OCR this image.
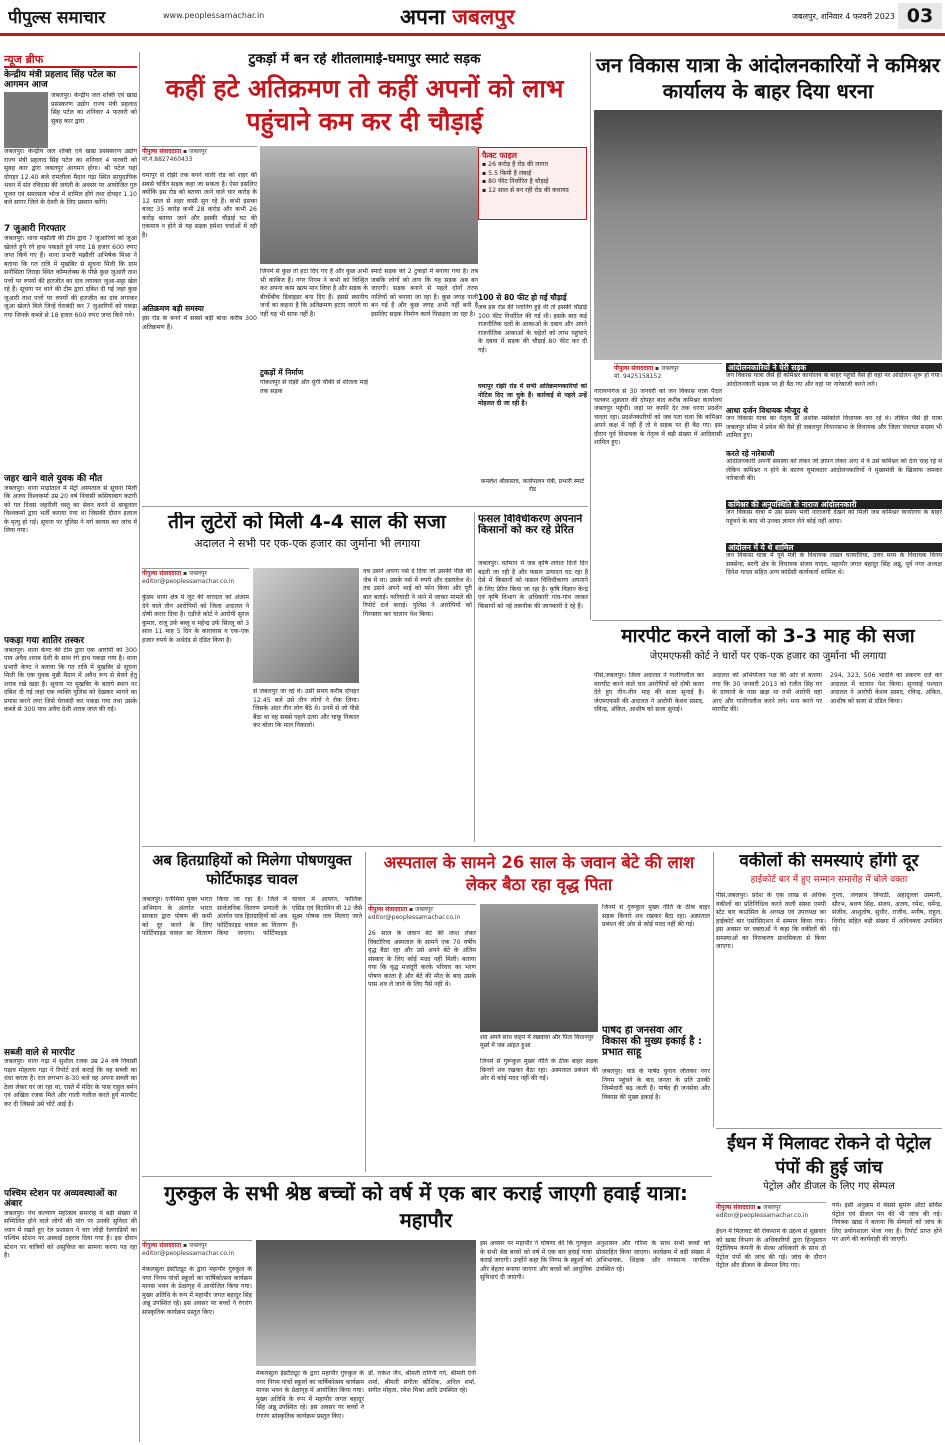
पीपुल्स समाचार	www.peoplessamachar.in	अपना जबलपुर	जबलपुर, शनिवार 4 फरवरी 2023 03
न्यूज ब्रीफ
केन्द्रीय मंत्री प्रहलाद सिंह पटेल का आगमन आज
जबलपुर। केन्द्रीय जल शक्ति एवं खाद्य प्रसंस्करण उद्योग राज्य मंत्री प्रहलाद सिंह पटेल का शनिवार 4 फरवरी को सुबह कार द्वारा
जबलपुर। केन्द्रीय जल शक्ति एवं खाद्य प्रसंस्करण उद्योग राज्य मंत्री प्रहलाद सिंह पटेल का शनिवार 4 फरवरी को सुबह कार द्वारा जबलपुर आगमन होगा। श्री पटेल यहां दोपहर 12.40 बजे रामलीला मैदान गढ़ा स्थित सामुदायिक भवन में संत रविदास की जयंती के अवसर पर आयोजित गुरु पूजन एवं समरसता भोज में शामिल होंगे तथा दोपहर 1.10 बजे सागर जिले के देवरी के लिए प्रस्थान करेंगे।
7 जुआरी गिरफ्तार
जबलपुर। थाना मझौली की टीम द्वारा 7 जुआरियों को जुआ खेलते हुये रंगे हाथ पकड़ते हुये नगद 18 हजार 600 रुपए जप्त किये गए हैं। थाना प्रभारी मझौली अभिषेक मिश्रा ने बताया कि गत रात्रि में मुखबिर से सूचना मिली कि ग्राम सनौसिता तिराहा स्थित कॉम्पलेक्स के पीछे कुछ जुआरी ताश पत्तों पर रुपयों की हारजीत का दाव लगाकर जुआ-सट्टा खेल रहे हैं। सूचना पर थाने की टीम द्वारा दबिश दी गई जहां कुछ जुआरी ताश पत्तों पर रुपयों की हारजीत का दांव लगाकर जुआ खेलते मिले जिन्हें घेराबंदी कर 7 जुआरियों को पकड़ा गया जिनके कब्जे से 18 हजार 600 रुपए जप्त किये गये।
जहर खाने वाले युवक की मौत
जबलपुर। थाना माढ़ोताल में मेट्रो अस्पताल से सूचना मिली कि अजय विश्वकर्मा उम्र 20 वर्ष निवासी कसियाबाग कटंगी को गत दिवस जहरीली वस्तु का सेवन करने से बाबूलाल विश्वकर्मा द्वारा भर्ती कराया गया था जिसकी दौरान इलाज के मृत्यु हो गई। सूचना पर पुलिस ने मर्ग कायम कर जांच में लिया गया।
पकड़ा गया शातिर तस्कर
जबलपुर। थाना केण्ट की टीम द्वारा एक आरोपी को 300 पाव अवैध शराब देशी के साथ रंगे हाथ पकड़ा गया है। थाना प्रभारी केण्ट ने बताया कि गत रात्रि में मुखबिर से सूचना मिली कि एक युवक मुन्नी मैदान में अवैध रूप से बेचने हेतु शराब रखे खड़ा है। सूचना पर मुखबिर के बताये स्थान पर दबिश दी गई जहां एक व्यक्ति पुलिस को देखकर भागने का प्रयास करने लगा जिसे घेराबंदी कर पकड़ा गया तथा उसके कब्जे से 300 पाव अवैध देशी शराब जप्त की गई।
सब्जी वाले से मारपीट
जबलपुर। थाना गढ़ा में सुशील रजक उम्र 24 वर्ष निवासी पड़ाव मोहल्ला गढ़ा ने रिपोर्ट दर्ज कराई कि वह सब्जी का धंधा करता है। रात लगभग 8-30 बजे वह अपना सब्जी का ठेला लेकर घर जा रहा था, रास्ते में मंदिर के पास राहुल बर्मन एवं अखिल रजक मिले और गाली गलौज करते हुये मारपीट कर दी जिससे उसे चोटें आई हैं।
पश्चिम स्टेशन पर अव्यवस्थाओं का अंबार
जबलपुर। पंच कल्याण महोत्सव समारोह में बड़ी संख्या में सम्मिलित होने वाले लोगों की मांग पर उनकी सुविधा की ध्यान में रखते हुए रेल प्रशासन ने चार जोड़ी रेलगाड़ियों का पश्चिम स्टेशन पर अस्थाई ठहराव दिया गया है। इस दौरान स्टेशन पर यात्रियों को असुविधा का सामना करना पड़ रहा है।
टुकड़ों में बन रहे शीतलामाई-घमापुर स्मार्ट सड़क
कहीं हटे अतिक्रमण तो कहीं अपनों को लाभ पहुंचाने कम कर दी चौड़ाई
पीपुल्स संवाददाता ▪ जबलपुर
मो.नं.8827460433
घमापुर से रांझी तक बनने वाली रोड को शहर की सबसे चर्चित सड़क कहा जा सकता है। ऐसा इसलिए क्योंकि इस रोड को बताया जाने वाले चार करोड़ के 12 साल से शहर वासी सुन रहे हैं। कभी इसका बजट 35 करोड़ कभी 28 करोड़ और कभी 26 करोड़ बताया जाने और इसकी चौड़ाई घट की एकमात्र न होने से यह सड़क हमेशा चर्चाओं में रही है।
अतिक्रमण बड़ी समस्या
इस रोड के बनने में सबसे बड़ी बाधा करीब 300 अतिक्रमण हैं।
जिनमें से कुछ तो हटा दिए गए हैं और कुछ अभी भी काबिज हैं। नगर निगम ने कभी को चिन्हित कर अपना काम खत्म मान लिया है और सड़क के बीचोंबीच डिवाइडर बना दिए हैं। इससे स्थानीय जनों का कहना है कि अतिक्रमण हटाए जाएंगे या नहीं यह भी साफ नहीं है।
टुकड़ों में निर्माण
गोकलपुर से रांझी और चुंगी चौकी से शीतला माई तक सड़क
स्मार्ट सड़क को 2 टुकड़ों में बनाया गया है। तब जबकि लोगों को लगा कि यह सड़क अब बन जाएगी। सड़क बनाने से पहले दोनों तरफ नालियों को बनाया जा रहा है। कुछ जगह नाली बन गई है और कुछ जगह अभी नहीं बनी है इसलिए सड़क निर्माण कार्य पिछड़ता जा रहा है।
फैक्ट फाइल
▪ 26 करोड़ है रोड की लागत
▪ 5.5 किमी है लंबाई
▪ 80 फीट निर्धारित है चौड़ाई
▪ 12 साल से बन रही रोड की कवायद
100 से 80 फीट हो गई चौड़ाई
जब इस रोड की प्लानिंग हुई थी तो इसकी चौड़ाई 100 फीट निर्धारित की गई थी। इसके बाद कई राजनीतिक दलों के आकाओं के दबाव और अपने राजनीतिक आकाओं के चहेतों को लाभ पहुंचाने के दबाव में सड़क की चौड़ाई 80 फीट कर दी गई।
घमापुर रांझी रोड में सभी अतिक्रमणकारियों को नोटिस दिए जा चुके हैं। कार्रवाई से पहले उन्हें मोहलत दी जा रही है।
कमलेश श्रीवास्तव, कार्यपालन यंत्री, प्रभारी स्मार्ट रोड
जन विकास यात्रा के आंदोलनकारियों ने कमिश्नर कार्यालय के बाहर दिया धरना
पीपुल्स संवाददाता ▪ जबलपुर
मो. 9425158152
नारायणगंज से 30 जनवरी को जन विकास यात्रा पैदल चलकर शुक्रवार की दोपहर बाद करीब कमिश्नर कार्यालय जबलपुर पहुंची। जहां पर काफी देर तक धरना प्रदर्शन चलता रहा। प्रदर्शनकारियों को जब पता चला कि कमिश्नर अपने कक्ष में नहीं हैं तो वे सड़क पर ही बैठ गए। इस दौरान पूर्व विधायक के नेतृत्व में बड़ी संख्या में आदिवासी शामिल हुए।
आंदोलनकारियों ने घेरी सड़क
जन विकास यात्रा जैसे ही कमिश्नर कार्यालय के बाहर पहुंची वैसे ही वहां पर आंदोलन शुरू हो गया। आंदोलनकारी सड़क पर ही बैठ गए और वहां पर नारेबाजी करने लगे।
आधा दर्जन विधायक मौजूद थे
जन विकास यात्रा का नेतृत्व डॉ अशोक मर्सकोले विधायक कर रहे थे। लेकिन जैसे ही यात्रा जबलपुर सीमा में प्रवेश की वैसे ही जबलपुर विधानसभा के विधायक और जिला पंचायत सदस्य भी शामिल हुए।
करते रहे नारेबाजी
आंदोलनकारी अपनी समस्या को लेकर जो ज्ञापन लेकर आए थे वे उसे कमिश्नर को देना चाह रहे थे लेकिन कमिश्नर न होने के कारण घुमावदार आंदोलनकारियों ने मुख्यमंत्री के खिलाफ जमकर नारेबाजी की।
कमिश्नर की अनुपस्थिति से नाराज आंदोलनकारी
जन विकास यात्रा में उस समय भारी नाराजगी देखने को मिली जब कमिश्नर कार्यालय के बाहर पहुंचने के बाद भी उनका ज्ञापन लेने कोई नहीं आया।
आंदोलन में ये थे शामिल
जन विकास यात्रा में पूर्व मंत्री के विधायक लखन घनघोरिया, उत्तर मध्य के विधायक विनय सक्सेना, बरगी क्षेत्र के विधायक संजय यादव, महापौर जगत बहादुर सिंह अन्नू, पूर्व नगर अध्यक्ष दिनेश यादव सहित अन्य कांग्रेसी कार्यकर्ता शामिल थे।
तीन लुटेरों को मिली 4-4 साल की सजा
अदालत ने सभी पर एक-एक हजार का जुर्माना भी लगाया
पीपुल्स संवाददाता ▪ जबलपुर
editor@peoplessamachar.co.in
कुंडम थाना क्षेत्र में लूट की वारदात को अंजाम देने वाले तीन आरोपियों को जिला अदालत ने दोषी करार दिया है। एडीजे कोर्ट ने आरोपी सुरज कुमार, राजू उर्फ बब्लू व महेन्द्र उर्फ सिल्लू को 3 साल 11 माह 5 दिन के कारावास व एक-एक हजार रुपये के अर्थदंड से दंडित किया है।
से जबलपुर जा रहे थे। उसी समय करीब दोपहर 12.45 बजे उसे तीन लोगों ने रोक लिया। जिसके अंदर तीन लोग बैठे थे। उनमें से जो पीछे बैठा था वह सबसे पहले उतरा और चाकू निकाल कर बोला कि माल निकालो।
तब उसने अपना पर्स दे दिया जो उसकी पीछे की जेब में था। उसके पर्स में रुपये और दस्तावेज थे। तब उसने अपने भाई को फोन किया और पूरी बात बताई। फरियादी ने थाने में जाकर मामले की रिपोर्ट दर्ज कराई। पुलिस ने आरोपियों को गिरफ्तार कर चालान पेश किया।
फसल विविधीकरण अपनाने किसानों को कर रहे प्रेरित
जबलपुर। वर्तमान में जब कृषि लागत दिनों दिन बढ़ती जा रही है और फसल उत्पादन घट रहा है ऐसे में किसानों को फसल विविधीकरण अपनाने के लिए प्रेरित किया जा रहा है। कृषि विज्ञान केन्द्र एवं कृषि विभाग के अधिकारी गांव-गांव जाकर किसानों को नई तकनीक की जानकारी दे रहे हैं।
मारपीट करने वालों को 3-3 माह की सजा
जेएमएफसी कोर्ट ने चारों पर एक-एक हजार का जुर्माना भी लगाया
पीसं,जबलपुर। जिला अदालत ने गालीगलौज कर मारपीट करने वाले चार आरोपियों को दोषी करार देते हुए तीन-तीन माह की सजा सुनाई है। जेएमएफसी की अदालत ने आरोपी केशव प्रसाद, रविन्द्र, अंकित, आशीष को सजा सुनाई।
अदालत को अभियोजन पक्ष की ओर से बताया गया कि 30 जनवरी 2013 को रंजीत सिंह घर के दरवाजे के पास खड़ा था तभी आरोपी वहां आए और गालीगलौज करने लगे। मना करने पर मारपीट की।
294, 323, 506 भादंवि का प्रकरण दर्ज कर अदालत में चालान पेश किया। सुनवाई पश्चात अदालत ने आरोपी केशव प्रसाद, रविन्द्र, अंकित, आशीष को सजा से दंडित किया।
अब हितग्राहियों को मिलेगा पोषणयुक्त फोर्टिफाइड चावल
जबलपुर। एनीमिया मुक्त भारत अभियान के अंतर्गत भारत सरकार द्वारा पोषण की कमी को दूर करने के लिए फोर्टिफाइड चावल का वितरण किया जा रहा है। जिले में सार्वजनिक वितरण प्रणाली के अंतर्गत पात्र हितग्राहियों को अब फोर्टिफाइड चावल का वितरण किया जाएगा। फोर्टिफाइड चावल में आयरन, फोलिक एसिड एवं विटामिन बी 12 जैसे सूक्ष्म पोषक तत्व मिलाए जाते हैं।
अस्पताल के सामने 26 साल के जवान बेटे की लाश लेकर बैठा रहा वृद्ध पिता
पीपुल्स संवाददाता ▪ जबलपुर
editor@peoplessamachar.co.in
26 साल के जवान बेटे की लाश लेकर विक्टोरिया अस्पताल के सामने एक 70 वर्षीय वृद्ध बैठा रहा और उसे अपने बेटे के अंतिम संस्कार के लिए कोई मदद नहीं मिली। बताया गया कि वृद्ध मजदूरी करके परिवार का भरण पोषण करता है और बेटे की मौत के बाद उसके पास शव ले जाने के लिए पैसे नहीं थे।
शव अपने साथ वाहन में रखवाया और पिता विधानपुर मूर्छा में जब आहत हुआ
जिनमें से गुरूकुल मुख्य नीति के ठीक बाहर सड़क किनारे शव रखकर बैठा रहा। अस्पताल प्रबंधन की ओर से कोई मदद नहीं की गई।
जिनमें से गुरूकुल मुख्य नीति के ठीक बाहर सड़क किनारे शव रखकर बैठा रहा। अस्पताल प्रबंधन की ओर से कोई मदद नहीं की गई।
पार्षद ही जनसेवा और विकास की मुख्य इकाई है : प्रभात साहू
जबलपुर। वार्ड के पार्षद चुनाव जीतकर नगर निगम पहुंचने के बाद जनता के प्रति उनकी जिम्मेदारी बढ़ जाती है। पार्षद ही जनसेवा और विकास की मुख्य इकाई है।
वकीलों की समस्याएं होंगी दूर
हाईकोर्ट बार में हुए सम्मान समारोह में बोले वक्ता
पीसं,जबलपुर। प्रदेश के एक लाख से अधिक वकीलों का प्रतिनिधित्व करने वाली संस्था एमपी स्टेट बार काउंसिल के अध्यक्ष एवं उपाध्यक्ष का हाईकोर्ट बार एसोसिएशन में सम्मान किया गया। इस अवसर पर वक्ताओं ने कहा कि वकीलों की समस्याओं का निराकरण प्राथमिकता से किया जाएगा।
गुप्ता, जगन्नाथ त्रिपाठी, अहादुल्ला उस्मानी, सौरभ, श्रवण सिंह, संजय, अजय, रमेश, धर्मेन्द्र, संजीव, आशुतोष, सुधीर, राजीव, मनीष, राहुल, विनोद सहित बड़ी संख्या में अधिवक्ता उपस्थित रहे।
गुरुकुल के सभी श्रेष्ठ बच्चों को वर्ष में एक बार कराई जाएगी हवाई यात्रा: महापौर
पीपुल्स संवाददाता ▪ जबलपुर
editor@peoplessamachar.co.in
मेकलसुता इंस्टीट्यूट के द्वारा महापौर गुरुकुल के नगर निगम पांचों स्कूलों का वार्षिकोत्सव कार्यक्रम मानस भवन के प्रेक्षागृह में आयोजित किया गया। मुख्य अतिथि के रूप में महापौर जगत बहादुर सिंह अन्नू उपस्थित रहे। इस अवसर पर बच्चों ने रंगारंग सांस्कृतिक कार्यक्रम प्रस्तुत किए।
डॉ. राकेश जैन, श्रीमती रागिनी गर्ग, श्रीमती ऐनी शर्मा, श्रीमती संगीता कौशिक, अनिल शर्मा, संगीत मोहता, रमेश मिश्रा आदि उपस्थित रहे।
मेकलसुता इंस्टीट्यूट के द्वारा महापौर गुरुकुल के नगर निगम पांचों स्कूलों का वार्षिकोत्सव कार्यक्रम मानस भवन के प्रेक्षागृह में आयोजित किया गया। मुख्य अतिथि के रूप में महापौर जगत बहादुर सिंह अन्नू उपस्थित रहे। इस अवसर पर बच्चों ने रंगारंग सांस्कृतिक कार्यक्रम प्रस्तुत किए।
इस अवसर पर महापौर ने घोषणा की कि गुरुकुल के सभी श्रेष्ठ बच्चों को वर्ष में एक बार हवाई यात्रा कराई जाएगी। उन्होंने कहा कि निगम के स्कूलों को और बेहतर बनाया जाएगा और बच्चों को आधुनिक सुविधाएं दी जाएंगी।
अनुशासन और गरिमा के साथ सभी बच्चों को प्रोत्साहित किया जाएगा। कार्यक्रम में बड़ी संख्या में अभिभावक, शिक्षक और गणमान्य नागरिक उपस्थित रहे।
ईंधन में मिलावट रोकने दो पेट्रोल पंपों की हुई जांच
पेट्रोल और डीजल के लिए गए सेम्पल
पीपुल्स संवाददाता ▪ जबलपुर
editor@peoplessamachar.co.in
ईंधन में मिलावट की रोकथाम के उद्देश्य से शुक्रवार को खाद्य विभाग के अधिकारियों द्वारा हिन्दुस्तान पेट्रोलियम कंपनी के सेल्स अधिकारी के साथ दो पेट्रोल पंपों की जांच की गई। जांच के दौरान पेट्रोल और डीजल के सेम्पल लिए गए।
गये। इसी अनुक्रम में मेसर्स सुमेरू ऑटो सर्विस पेट्रोल एवं डीजल पंप की भी जांच की गई। नियंत्रक खाद्य ने बताया कि सेम्पलों को जांच के लिए प्रयोगशाला भेजा गया है। रिपोर्ट प्राप्त होने पर आगे की कार्यवाही की जाएगी।
